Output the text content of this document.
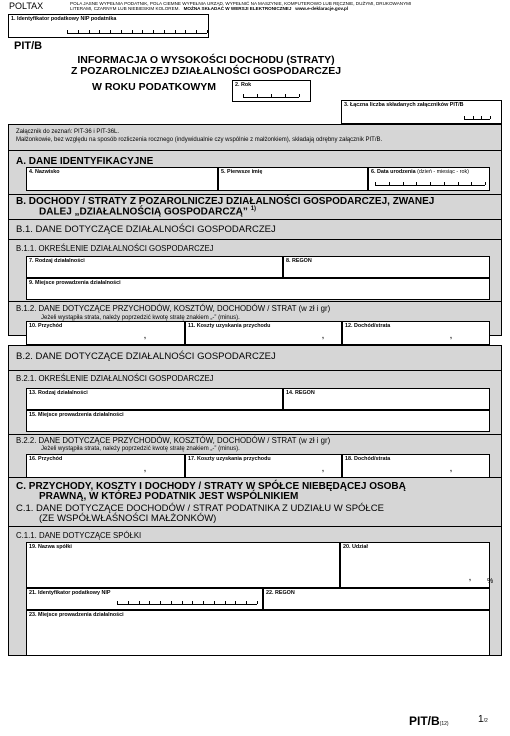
POLTAX	POLA JASNE WYPEŁNIA PODATNIK, POLA CIEMNE WYPEŁNIA URZĄD. WYPEŁNIĆ NA MASZYNIE, KOMPUTEROWO LUB RĘCZNIE, DUŻYMI, DRUKOWANYMI
LITERAMI, CZARNYM LUB NIEBIESKIM KOLOREM. MOŻNA SKŁADAĆ W WERSJI ELEKTRONICZNEJ www.e-deklaracje.gov.pl
1. Identyfikator podatkowy NIP podatnika
PIT/B
INFORMACJA O WYSOKOŚCI DOCHODU (STRATY)
Z POZAROLNICZEJ DZIAŁALNOŚCI GOSPODARCZEJ
W ROKU PODATKOWYM	2. Rok
3. Łączna liczba składanych załączników PIT/B
Załącznik do zeznań: PIT-36 i PIT-36L.
Małżonkowie, bez względu na sposób rozliczenia rocznego (indywidualnie czy wspólnie z małżonkiem), składają odrębny załącznik PIT/B.
A. DANE IDENTYFIKACYJNE
4. Nazwisko	5. Pierwsze imię	6. Data urodzenia (dzień - miesiąc - rok)
B. DOCHODY / STRATY Z POZAROLNICZEJ DZIAŁALNOŚCI GOSPODARCZEJ, ZWANEJ
DALEJ „DZIAŁALNOŚCIĄ GOSPODARCZĄ” $^{1)}$
B.1. DANE DOTYCZĄCE DZIAŁALNOŚCI GOSPODARCZEJ
B.1.1. OKREŚLENIE DZIAŁALNOŚCI GOSPODARCZEJ
B.1.2. DANE DOTYCZĄCE PRZYCHODÓW, KOSZTÓW, DOCHODÓW / STRAT (w zł i gr)
Jeżeli wystąpiła strata, należy poprzedzić kwotę stratę znakiem „-” (minus).
7. Rodzaj działalności	8. REGON
9. Miejsce prowadzenia działalności
10. Przychód
,
11. Koszty uzyskania przychodu
,
12. Dochód/strata
,
B.2. DANE DOTYCZĄCE DZIAŁALNOŚCI GOSPODARCZEJ
B.2.1. OKREŚLENIE DZIAŁALNOŚCI GOSPODARCZEJ
B.2.2. DANE DOTYCZĄCE PRZYCHODÓW, KOSZTÓW, DOCHODÓW / STRAT (w zł i gr)
Jeżeli wystąpiła strata, należy poprzedzić kwotę stratę znakiem „-” (minus).
13. Rodzaj działalności	14. REGON
15. Miejsce prowadzenia działalności
16. Przychód
,
17. Koszty uzyskania przychodu
,
18. Dochód/strata
,
C. PRZYCHODY, KOSZTY I DOCHODY / STRATY W SPÓŁCE NIEBĘDĄCEJ OSOBĄ
PRAWNĄ, W KTÓREJ PODATNIK JEST WSPÓLNIKIEM
C.1. DANE DOTYCZĄCE DOCHODÓW / STRAT PODATNIKA Z UDZIAŁU W SPÓŁCE
(ZE WSPÓŁWŁAŚNOŚCI MAŁŻONKÓW)
C.1.1. DANE DOTYCZĄCE SPÓŁKI
19. Nazwa spółki	20. Udział
, %
21. Identyfikator podatkowy NIP	22. REGON
23. Miejsce prowadzenia działalności
PIT/B(12)	1/2
